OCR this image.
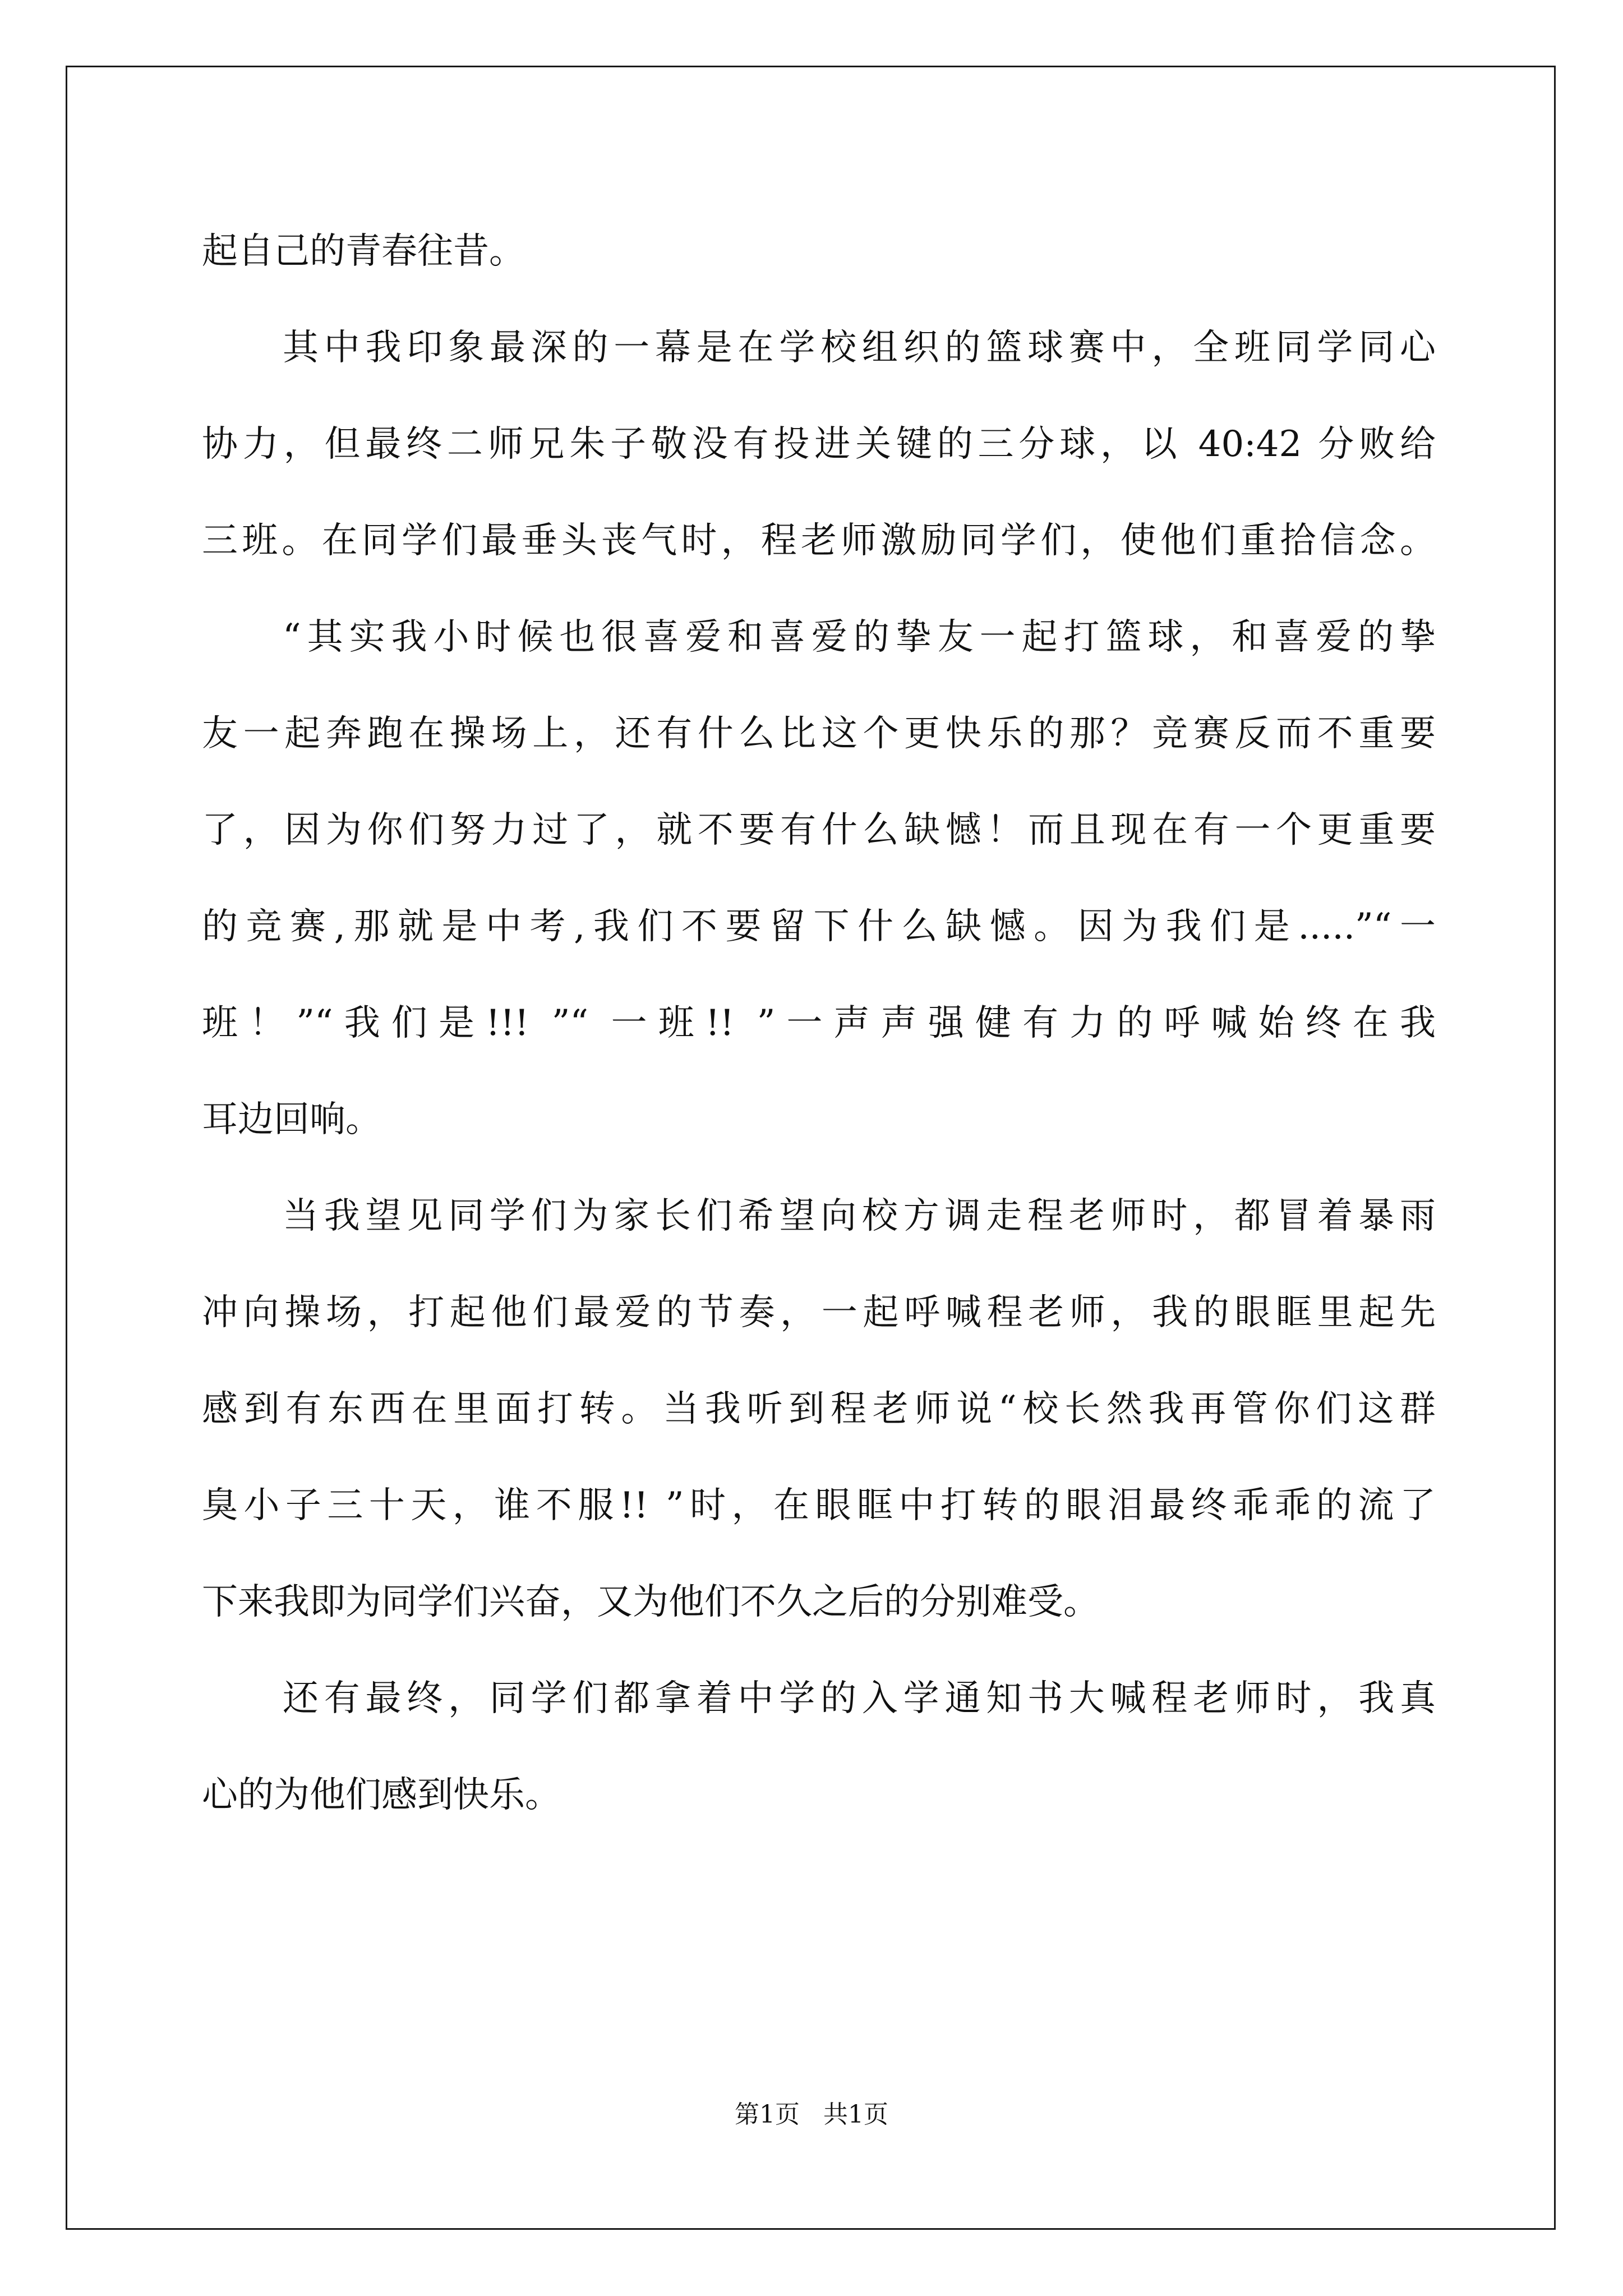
起自己的青春往昔。
其中我印象最深的一幕是在学校组织的篮球赛中，全班同学同心
协力，但最终二师兄朱子敬没有投进关键的三分球，以 40:42 分败给
三班。在同学们最垂头丧气时，程老师激励同学们，使他们重拾信念。
“其实我小时候也很喜爱和喜爱的挚友一起打篮球，和喜爱的挚
友一起奔跑在操场上，还有什么比这个更快乐的那？竞赛反而不重要
了，因为你们努力过了，就不要有什么缺憾！而且现在有一个更重要
的竞赛,那就是中考,我们不要留下什么缺憾。因为我们是.....”“一
班！”“我们是!!! ”“ 一班!! ”一声声强健有力的呼喊始终在我
耳边回响。
当我望见同学们为家长们希望向校方调走程老师时，都冒着暴雨
冲向操场，打起他们最爱的节奏，一起呼喊程老师，我的眼眶里起先
感到有东西在里面打转。当我听到程老师说“校长然我再管你们这群
臭小子三十天，谁不服!! ”时，在眼眶中打转的眼泪最终乖乖的流了
下来我即为同学们兴奋，又为他们不久之后的分别难受。
还有最终，同学们都拿着中学的入学通知书大喊程老师时，我真
心的为他们感到快乐。
第1页   共1页
